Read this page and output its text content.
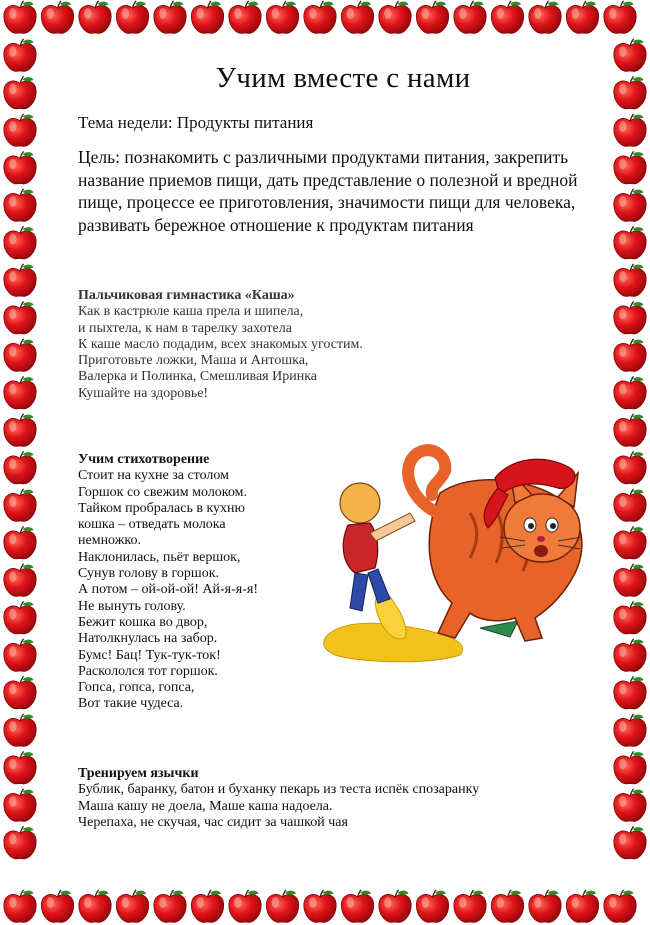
Учим вместе с нами
Тема недели: Продукты питания
Цель: познакомить с различными продуктами питания, закрепить название приемов пищи, дать представление о полезной и вредной пище, процессе ее приготовления, значимости пищи для человека, развивать бережное отношение к продуктам питания
Пальчиковая гимнастика «Каша»

Как в кастрюле каша прела и шипела,

и пыхтела, к нам в тарелку захотела

К каше масло подадим, всех знакомых угостим.

Приготовьте ложки, Маша и Антошка,

Валерка и Полинка, Смешливая Иринка

Кушайте на здоровье!

Учим стихотворение

Стоит на кухне за столом

Горшок со свежим молоком.

Тайком пробралась в кухню

кошка – отведать молока

немножко.

Наклонилась, пьёт вершок,

Сунув голову в горшок.

А потом – ой-ой-ой! Ай-я-я-я!

Не вынуть голову.

Бежит кошка во двор,

Натолкнулась на забор.

Бумс! Бац! Тук-тук-ток!

Раскололся тот горшок.

Гопса, гопса, гопса,

Вот такие чудеса.

Тренируем язычки

Бублик, баранку, батон и буханку пекарь из теста испёк спозаранку

Маша кашу не доела, Маше каша надоела.

Черепаха, не скучая, час сидит за чашкой чая
